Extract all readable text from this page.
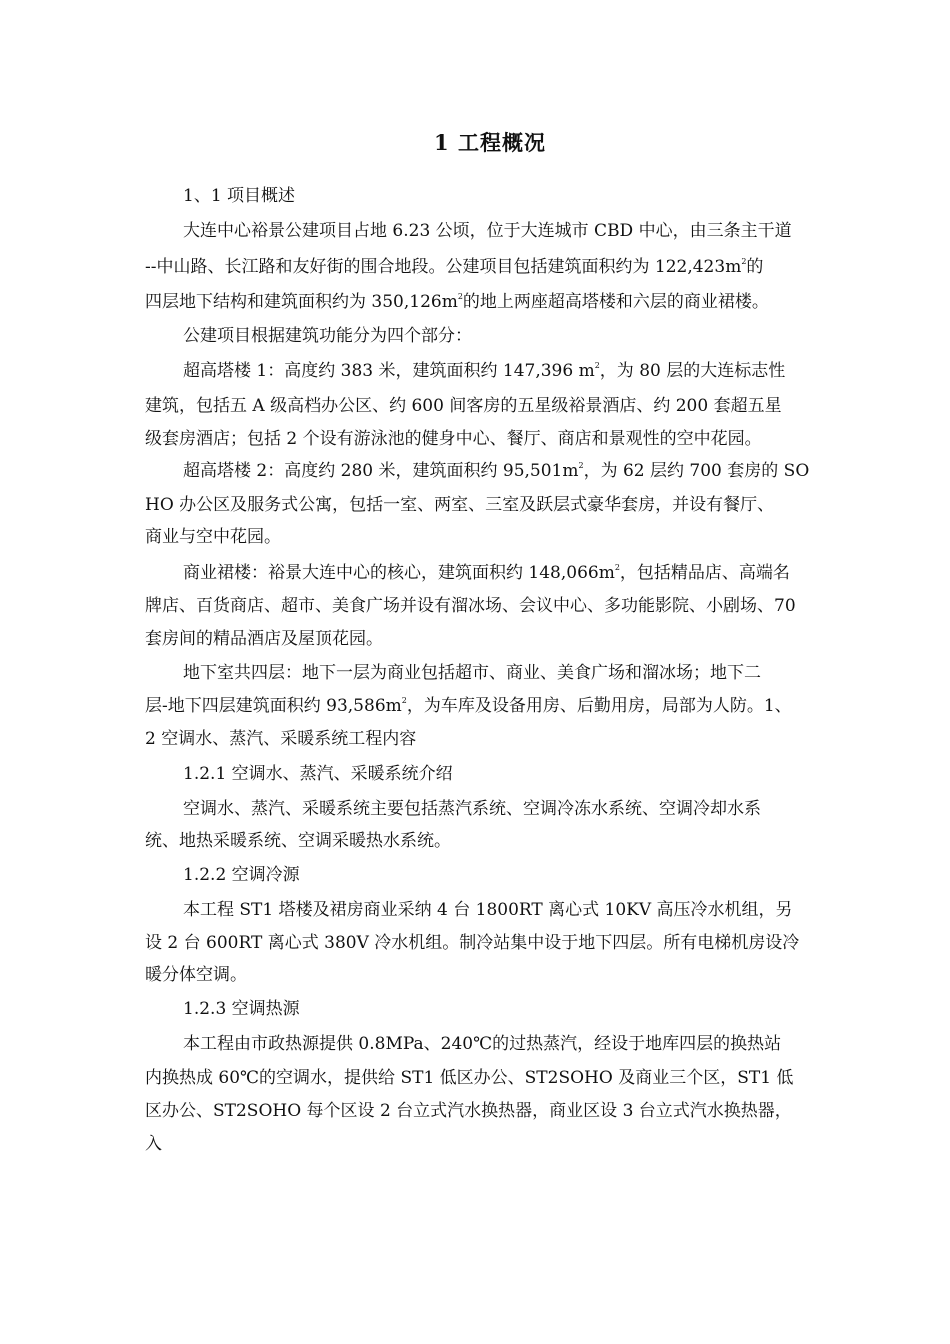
1 工程概况
1、1 项目概述
大连中心裕景公建项目占地 6.23 公顷，位于大连城市 CBD 中心，由三条主干道
--中山路、长江路和友好街的围合地段。公建项目包括建筑面积约为 $122,423m^2$的
四层地下结构和建筑面积约为 $350,126m^2$的地上两座超高塔楼和六层的商业裙楼。
公建项目根据建筑功能分为四个部分：
超高塔楼 1：高度约 383 米，建筑面积约 147,396 $m^2$，为 80 层的大连标志性
建筑，包括五 A 级高档办公区、约 600 间客房的五星级裕景酒店、约 200 套超五星
级套房酒店；包括 2 个设有游泳池的健身中心、餐厅、商店和景观性的空中花园。
超高塔楼 2：高度约 280 米，建筑面积约 $95,501m^2$，为 62 层约 700 套房的 SO
HO 办公区及服务式公寓，包括一室、两室、三室及跃层式豪华套房，并设有餐厅、
商业与空中花园。
商业裙楼：裕景大连中心的核心，建筑面积约 $148,066m^2$，包括精品店、高端名
牌店、百货商店、超市、美食广场并设有溜冰场、会议中心、多功能影院、小剧场、70
套房间的精品酒店及屋顶花园。
地下室共四层：地下一层为商业包括超市、商业、美食广场和溜冰场；地下二
层-地下四层建筑面积约 $93,586m^2$，为车库及设备用房、后勤用房，局部为人防。1、
2 空调水、蒸汽、采暖系统工程内容
1.2.1 空调水、蒸汽、采暖系统介绍
空调水、蒸汽、采暖系统主要包括蒸汽系统、空调冷冻水系统、空调冷却水系
统、地热采暖系统、空调采暖热水系统。
1.2.2 空调冷源
本工程 ST1 塔楼及裙房商业采纳 4 台 1800RT 离心式 10KV 高压冷水机组，另
设 2 台 600RT 离心式 380V 冷水机组。制冷站集中设于地下四层。所有电梯机房设冷
暖分体空调。
1.2.3 空调热源
本工程由市政热源提供 0.8MPa、240℃的过热蒸汽，经设于地库四层的换热站
内换热成 60℃的空调水，提供给 ST1 低区办公、ST2SOHO 及商业三个区，ST1 低
区办公、ST2SOHO 每个区设 2 台立式汽水换热器，商业区设 3 台立式汽水换热器，
入
